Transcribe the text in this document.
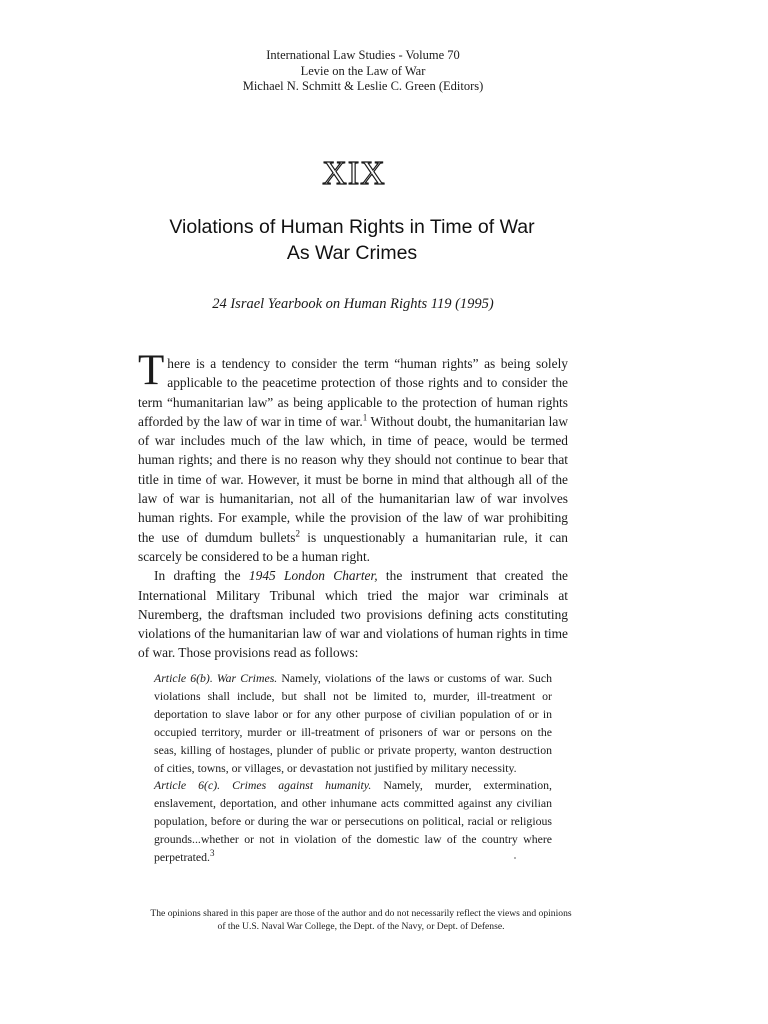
International Law Studies - Volume 70
Levie on the Law of War
Michael N. Schmitt & Leslie C. Green (Editors)
XIX
Violations of Human Rights in Time of War
As War Crimes
24 Israel Yearbook on Human Rights 119 (1995)

There is a tendency to consider the term “human rights” as being solely applicable to the peacetime protection of those rights and to consider the term “humanitarian law” as being applicable to the protection of human rights afforded by the law of war in time of war.$^1$ Without doubt, the humanitarian law of war includes much of the law which, in time of peace, would be termed human rights; and there is no reason why they should not continue to bear that title in time of war. However, it must be borne in mind that although all of the law of war is humanitarian, not all of the humanitarian law of war involves human rights. For example, while the provision of the law of war prohibiting the use of dumdum bullets$^2$ is unquestionably a humanitarian rule, it can scarcely be considered to be a human right.

In drafting the 1945 London Charter, the instrument that created the International Military Tribunal which tried the major war criminals at Nuremberg, the draftsman included two provisions defining acts constituting violations of the humanitarian law of war and violations of human rights in time of war. Those provisions read as follows:

Article 6(b). War Crimes. Namely, violations of the laws or customs of war. Such violations shall include, but shall not be limited to, murder, ill-treatment or deportation to slave labor or for any other purpose of civilian population of or in occupied territory, murder or ill-treatment of prisoners of war or persons on the seas, killing of hostages, plunder of public or private property, wanton destruction of cities, towns, or villages, or devastation not justified by military necessity.

Article 6(c). Crimes against humanity. Namely, murder, extermination, enslavement, deportation, and other inhumane acts committed against any civilian population, before or during the war or persecutions on political, racial or religious grounds...whether or not in violation of the domestic law of the country where perpetrated.$^3$

The opinions shared in this paper are those of the author and do not necessarily reflect the views and opinions
of the U.S. Naval War College, the Dept. of the Navy, or Dept. of Defense.
